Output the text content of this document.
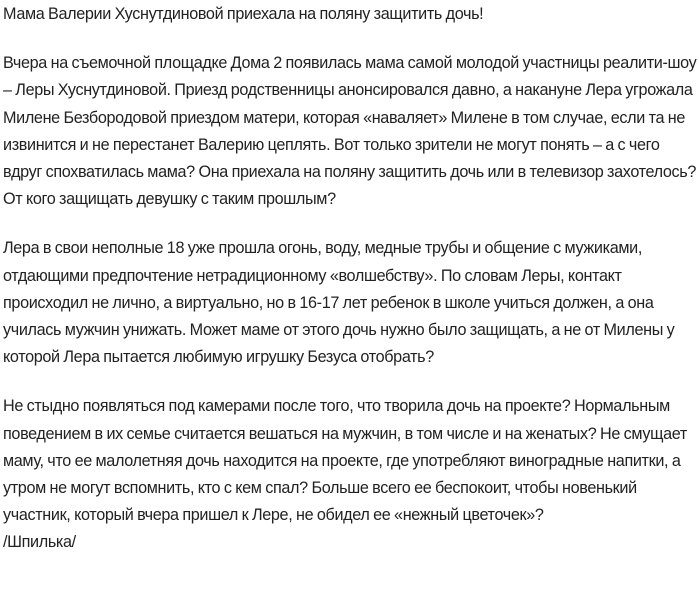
Мама Валерии Хуснутдиновой приехала на поляну защитить дочь!

Вчера на съемочной площадке Дома 2 появилась мама самой молодой участницы реалити-шоу – Леры Хуснутдиновой. Приезд родственницы анонсировался давно, а накануне Лера угрожала Милене Безбородовой приездом матери, которая «наваляет» Милене в том случае, если та не извинится и не перестанет Валерию цеплять. Вот только зрители не могут понять – а с чего вдруг спохватилась мама? Она приехала на поляну защитить дочь или в телевизор захотелось? От кого защищать девушку с таким прошлым?

Лера в свои неполные 18 уже прошла огонь, воду, медные трубы и общение с мужиками, отдающими предпочтение нетрадиционному «волшебству». По словам Леры, контакт происходил не лично, а виртуально, но в 16-17 лет ребенок в школе учиться должен, а она училась мужчин унижать. Может маме от этого дочь нужно было защищать, а не от Милены у которой Лера пытается любимую игрушку Безуса отобрать?

Не стыдно появляться под камерами после того, что творила дочь на проекте? Нормальным поведением в их семье считается вешаться на мужчин, в том числе и на женатых? Не смущает маму, что ее малолетняя дочь находится на проекте, где употребляют виноградные напитки, а утром не могут вспомнить, кто с кем спал? Больше всего ее беспокоит, чтобы новенький участник, который вчера пришел к Лере, не обидел ее «нежный цветочек»?

/Шпилька/
